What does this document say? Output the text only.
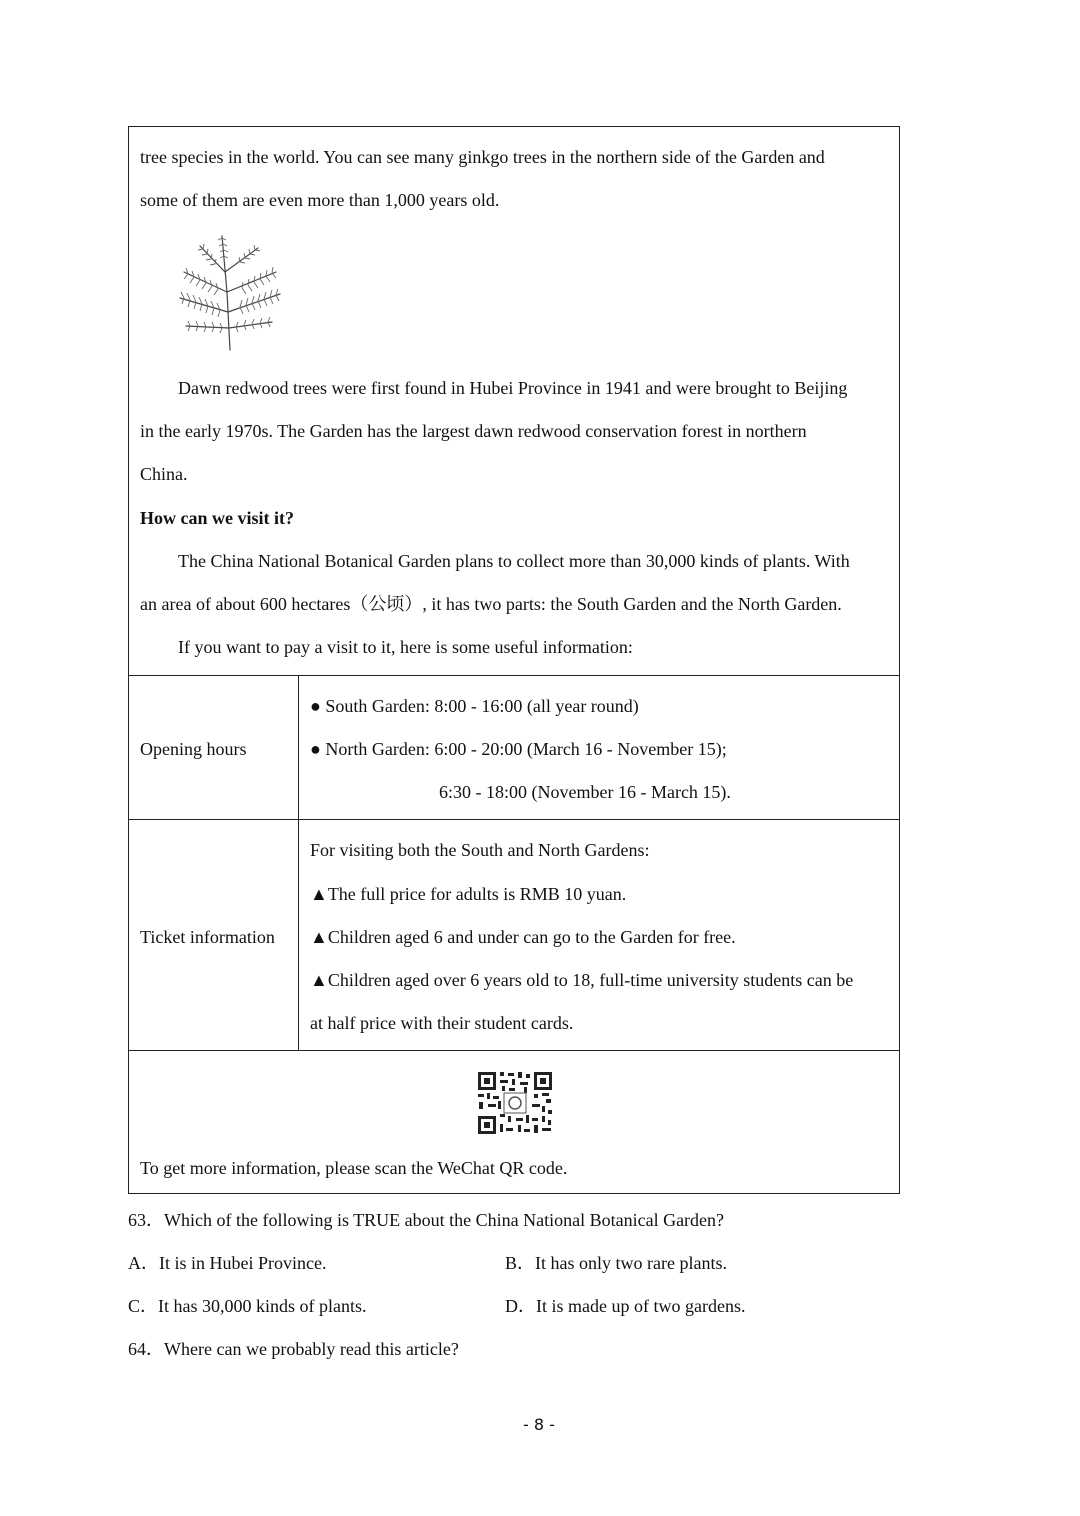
tree species in the world. You can see many ginkgo trees in the northern side of the Garden and
some of them are even more than 1,000 years old.
Dawn redwood trees were first found in Hubei Province in 1941 and were brought to Beijing
in the early 1970s. The Garden has the largest dawn redwood conservation forest in northern
China.
How can we visit it?
The China National Botanical Garden plans to collect more than 30,000 kinds of plants. With
an area of about 600 hectares（公顷）, it has two parts: the South Garden and the North Garden.
If you want to pay a visit to it, here is some useful information:
Opening hours
● South Garden: 8:00 - 16:00 (all year round)
● North Garden: 6:00 - 20:00 (March 16 - November 15);
6:30 - 18:00 (November 16 - March 15).
Ticket information
For visiting both the South and North Gardens:
▲The full price for adults is RMB 10 yuan.
▲Children aged 6 and under can go to the Garden for free.
▲Children aged over 6 years old to 18, full-time university students can be
at half price with their student cards.
To get more information, please scan the WeChat QR code.
63．Which of the following is TRUE about the China National Botanical Garden?
A．It is in Hubei Province.	B．It has only two rare plants.
C．It has 30,000 kinds of plants.	D．It is made up of two gardens.
64．Where can we probably read this article?
- 8 -
